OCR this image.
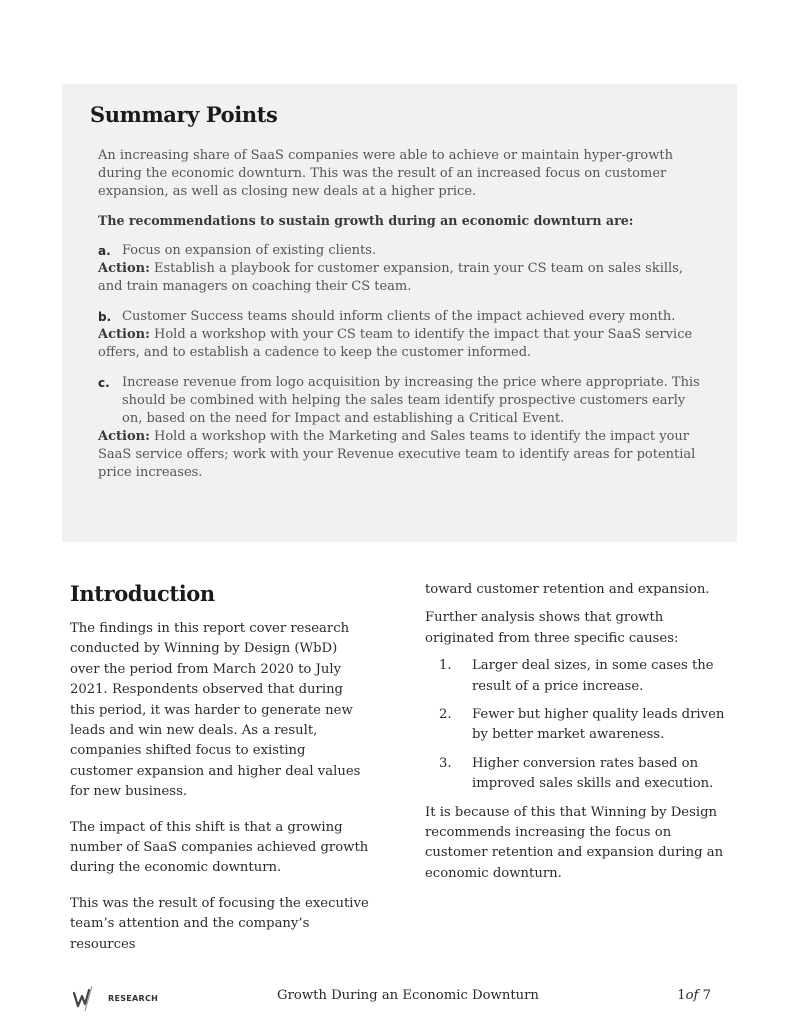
Summary Points

An increasing share of SaaS companies were able to achieve or maintain hyper-growth during the economic downturn. This was the result of an increased focus on customer expansion, as well as closing new deals at a higher price.

The recommendations to sustain growth during an economic downturn are:

a. Focus on expansion of existing clients.

Action: Establish a playbook for customer expansion, train your CS team on sales skills, and train managers on coaching their CS team.

b. Customer Success teams should inform clients of the impact achieved every month.

Action: Hold a workshop with your CS team to identify the impact that your SaaS service offers, and to establish a cadence to keep the customer informed.

c. Increase revenue from logo acquisition by increasing the price where appropriate. This should be combined with helping the sales team identify prospective customers early on, based on the need for Impact and establishing a Critical Event.

Action: Hold a workshop with the Marketing and Sales teams to identify the impact your SaaS service offers; work with your Revenue executive team to identify areas for potential price increases.

Introduction

The findings in this report cover research conducted by Winning by Design (WbD) over the period from March 2020 to July 2021. Respondents observed that during this period, it was harder to generate new leads and win new deals. As a result, companies shifted focus to existing customer expansion and higher deal values for new business.

The impact of this shift is that a growing number of SaaS companies achieved growth during the economic downturn.

This was the result of focusing the executive team’s attention and the company’s resources

toward customer retention and expansion.

Further analysis shows that growth originated from three specific causes:

1.	Larger deal sizes, in some cases the result of a price increase.
2.	Fewer but higher quality leads driven by better market awareness.
3.	Higher conversion rates based on improved sales skills and execution.

It is because of this that Winning by Design recommends increasing the focus on customer retention and expansion during an economic downturn.

RESEARCH	Growth During an Economic Downturn	1of 7
